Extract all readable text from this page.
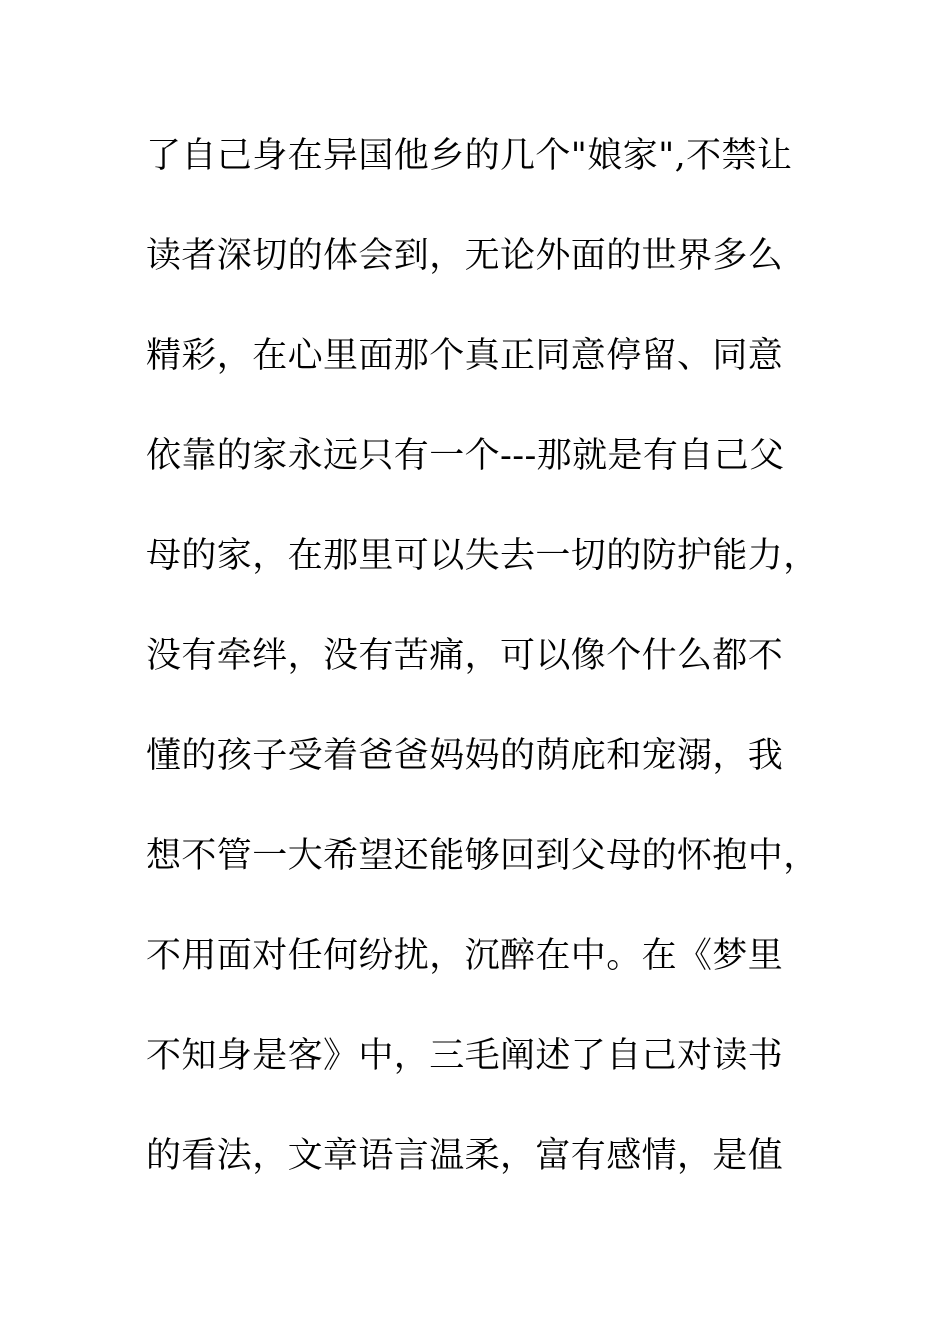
了自己身在异国他乡的几个"娘家",不禁让
读者深切的体会到，无论外面的世界多么
精彩，在心里面那个真正同意停留、同意
依靠的家永远只有一个---那就是有自己父
母的家，在那里可以失去一切的防护能力，
没有牵绊，没有苦痛，可以像个什么都不
懂的孩子受着爸爸妈妈的荫庇和宠溺，我
想不管一大希望还能够回到父母的怀抱中，
不用面对任何纷扰，沉醉在中。在《梦里
不知身是客》中，三毛阐述了自己对读书
的看法，文章语言温柔，富有感情，是值
